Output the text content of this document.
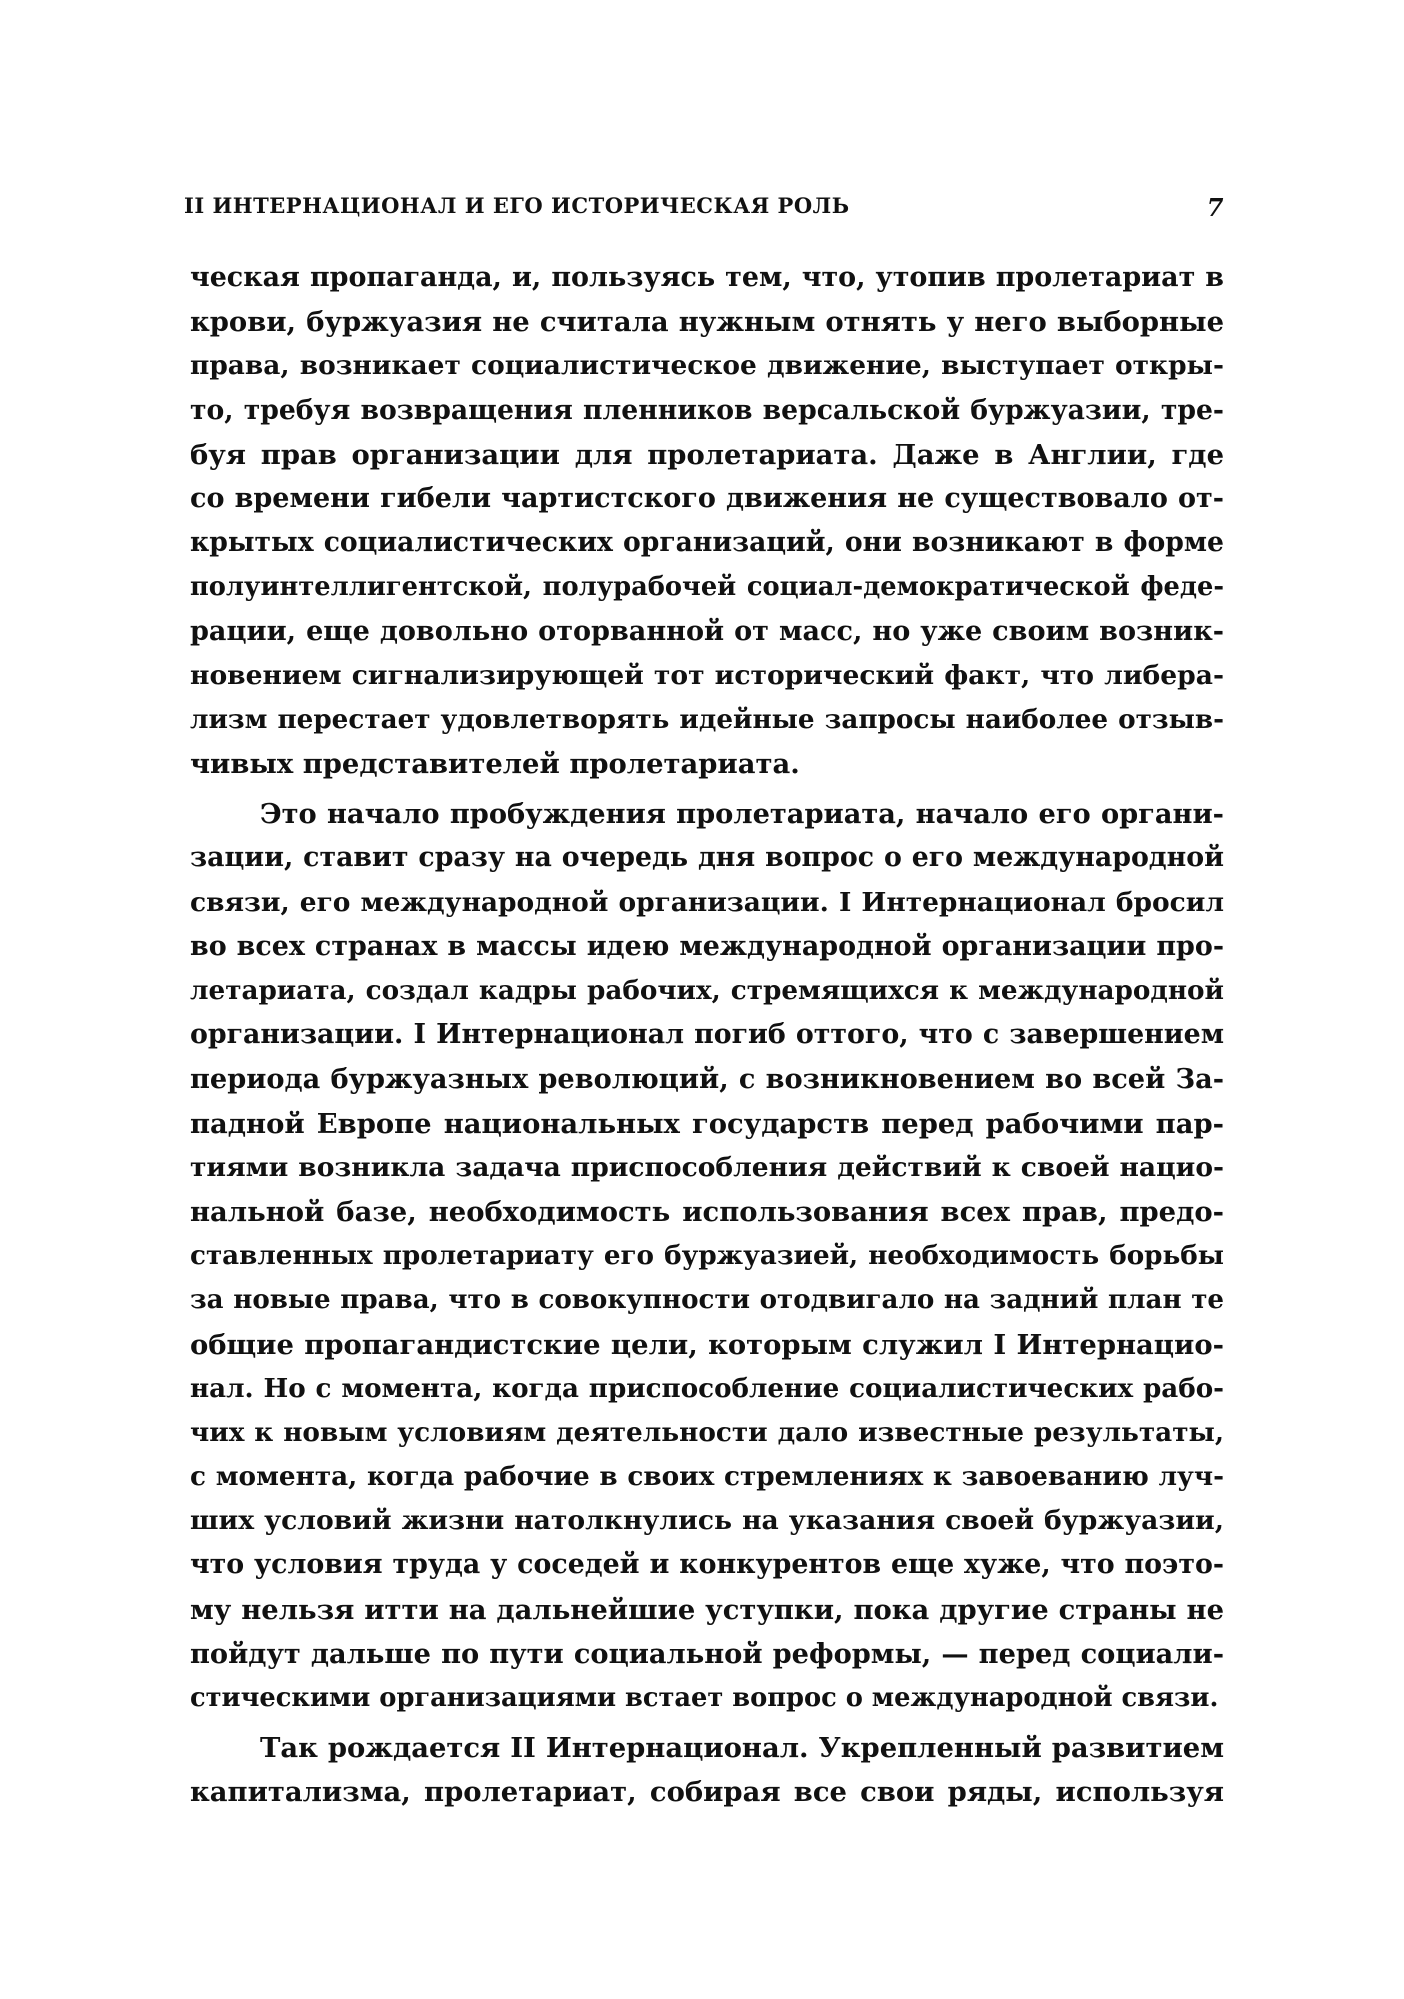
II ИНТЕРНАЦИОНАЛ И ЕГО ИСТОРИЧЕСКАЯ РОЛЬ	7
ческая пропаганда, и, пользуясь тем, что, утопив пролетариат в
крови, буржуазия не считала нужным отнять у него выборные
права, возникает социалистическое движение, выступает откры-
то, требуя возвращения пленников версальской буржуазии, тре-
буя прав организации для пролетариата. Даже в Англии, где
со времени гибели чартистского движения не существовало от-
крытых социалистических организаций, они возникают в форме
полуинтеллигентской, полурабочей социал-демократической феде-
рации, еще довольно оторванной от масс, но уже своим возник-
новением сигнализирующей тот исторический факт, что либера-
лизм перестает удовлетворять идейные запросы наиболее отзыв-
чивых представителей пролетариата.
Это начало пробуждения пролетариата, начало его органи-
зации, ставит сразу на очередь дня вопрос о его международной
связи, его международной организации. I Интернационал бросил
во всех странах в массы идею международной организации про-
летариата, создал кадры рабочих, стремящихся к международной
организации. I Интернационал погиб оттого, что с завершением
периода буржуазных революций, с возникновением во всей За-
падной Европе национальных государств перед рабочими пар-
тиями возникла задача приспособления действий к своей нацио-
нальной базе, необходимость использования всех прав, предо-
ставленных пролетариату его буржуазией, необходимость борьбы
за новые права, что в совокупности отодвигало на задний план те
общие пропагандистские цели, которым служил I Интернацио-
нал. Но с момента, когда приспособление социалистических рабо-
чих к новым условиям деятельности дало известные результаты,
с момента, когда рабочие в своих стремлениях к завоеванию луч-
ших условий жизни натолкнулись на указания своей буржуазии,
что условия труда у соседей и конкурентов еще хуже, что поэто-
му нельзя итти на дальнейшие уступки, пока другие страны не
пойдут дальше по пути социальной реформы, — перед социали-
стическими организациями встает вопрос о международной связи.
Так рождается II Интернационал. Укрепленный развитием
капитализма, пролетариат, собирая все свои ряды, используя
